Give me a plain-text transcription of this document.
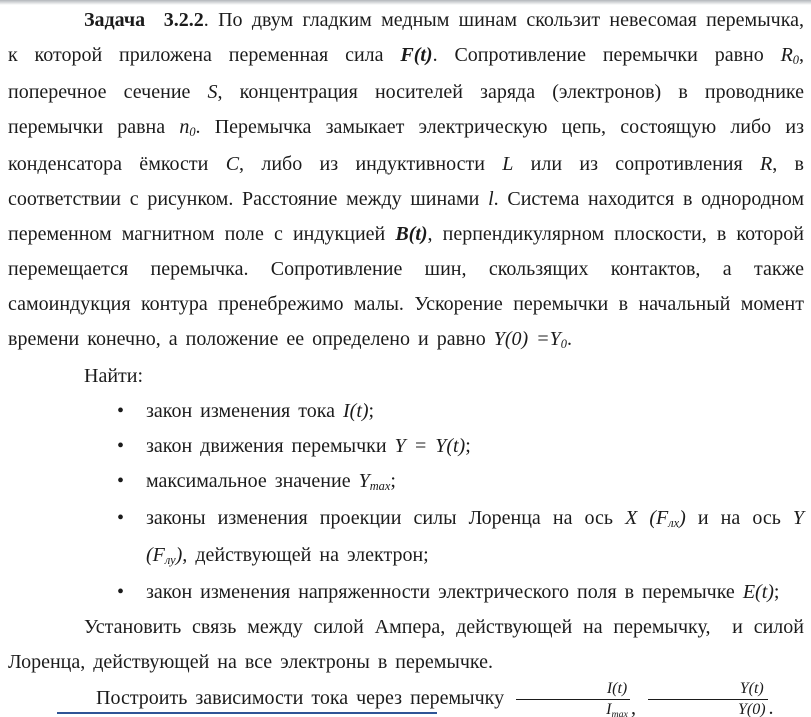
Задача  3.2.2. По двум гладким медным шинам скользит невесомая перемычка, к которой приложена переменная сила F(t). Сопротивление перемычки равно R0, поперечное сечение S, концентрация носителей заряда (электронов) в проводнике перемычки равна n0. Перемычка замыкает электрическую цепь, состоящую либо из конденсатора ёмкости C, либо из индуктивности L или из сопротивления R, в соответствии с рисунком. Расстояние между шинами l. Система находится в однородном переменном магнитном поле с индукцией B(t), перпендикулярном плоскости, в которой перемещается перемычка. Сопротивление шин, скользящих контактов, а также самоиндукция контура пренебрежимо малы. Ускорение перемычки в начальный момент времени конечно, а положение ее определено и равно Y(0) =Y0.

Найти:

• закон изменения тока I(t);
• закон движения перемычки Y = Y(t);
• максимальное значение Ymax;
• законы изменения проекции силы Лоренца на ось X (Fлх) и на ось Y (Fлу), действующей на электрон;
• закон изменения напряженности электрического поля в перемычке E(t);

Установить связь между силой Ампера, действующей на перемычку,  и силой Лоренца, действующей на все электроны в перемычке.

Построить зависимости тока через перемычку $\frac{I(t)}{Imax}$ , $\frac{Y(t)}{Y(0)}$ .
